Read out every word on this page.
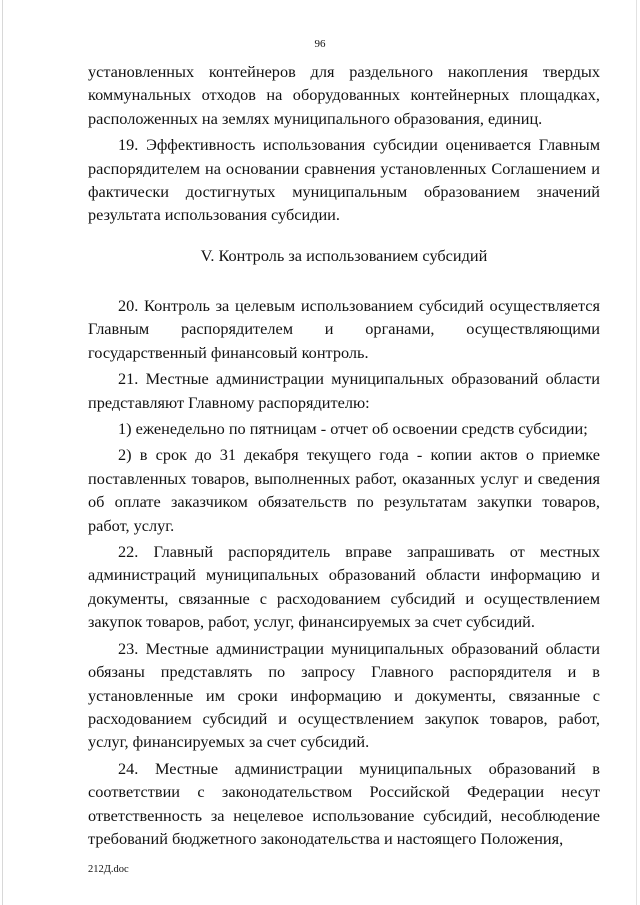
96

установленных контейнеров для раздельного накопления твердых коммунальных отходов на оборудованных контейнерных площадках, расположенных на землях муниципального образования, единиц.

19. Эффективность использования субсидии оценивается Главным распорядителем на основании сравнения установленных Соглашением и фактически достигнутых муниципальным образованием значений результата использования субсидии.

V. Контроль за использованием субсидий

20. Контроль за целевым использованием субсидий осуществляется Главным распорядителем и органами, осуществляющими государственный финансовый контроль.

21. Местные администрации муниципальных образований области представляют Главному распорядителю:

1) еженедельно по пятницам - отчет об освоении средств субсидии;

2) в срок до 31 декабря текущего года - копии актов о приемке поставленных товаров, выполненных работ, оказанных услуг и сведения об оплате заказчиком обязательств по результатам закупки товаров, работ, услуг.

22. Главный распорядитель вправе запрашивать от местных администраций муниципальных образований области информацию и документы, связанные с расходованием субсидий и осуществлением закупок товаров, работ, услуг, финансируемых за счет субсидий.

23. Местные администрации муниципальных образований области обязаны представлять по запросу Главного распорядителя и в установленные им сроки информацию и документы, связанные с расходованием субсидий и осуществлением закупок товаров, работ, услуг, финансируемых за счет субсидий.

24. Местные администрации муниципальных образований в соответствии с законодательством Российской Федерации несут ответственность за нецелевое использование субсидий, несоблюдение требований бюджетного законодательства и настоящего Положения,

212Д.doc
